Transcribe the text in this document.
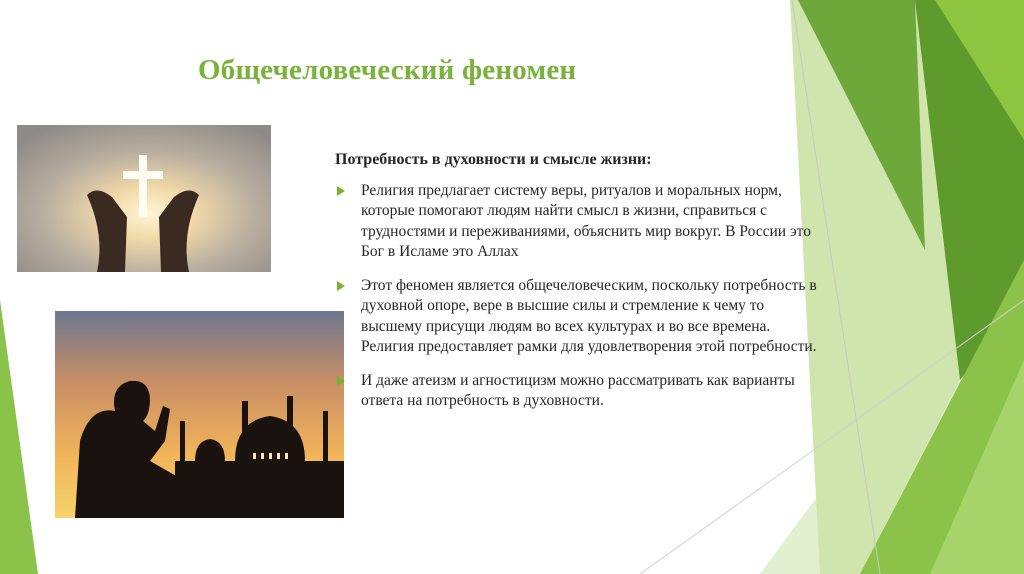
Общечеловеческий феномен
Потребность в духовности и смысле жизни:
Религия предлагает систему веры, ритуалов и моральных норм, которые помогают людям найти смысл в жизни, справиться с трудностями и переживаниями, объяснить мир вокруг. В России это Бог в Исламе это Аллах
Этот феномен является общечеловеческим, поскольку потребность в духовной опоре, вере в высшие силы и стремление к чему то высшему присущи людям во всех культурах и во все времена. Религия предоставляет рамки для удовлетворения этой потребности.
И даже атеизм и агностицизм можно рассматривать как варианты ответа на потребность в духовности.
